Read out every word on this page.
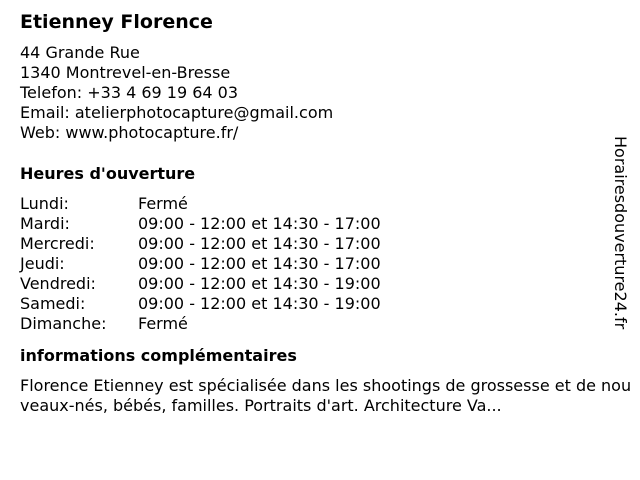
Etienney Florence
44 Grande Rue
1340 Montrevel-en-Bresse
Telefon: +33 4 69 19 64 03
Email: atelierphotocapture@gmail.com
Web: www.photocapture.fr/
Heures d'ouverture
Lundi:	Fermé
Mardi:	09:00 - 12:00 et 14:30 - 17:00
Mercredi:	09:00 - 12:00 et 14:30 - 17:00
Jeudi:	09:00 - 12:00 et 14:30 - 17:00
Vendredi:	09:00 - 12:00 et 14:30 - 19:00
Samedi:	09:00 - 12:00 et 14:30 - 19:00
Dimanche:	Fermé
informations complémentaires
Florence Etienney est spécialisée dans les shootings de grossesse et de nouveaux-nés, bébés, familles. Portraits d'art. Architecture Va...
Horairesdouverture24.fr
